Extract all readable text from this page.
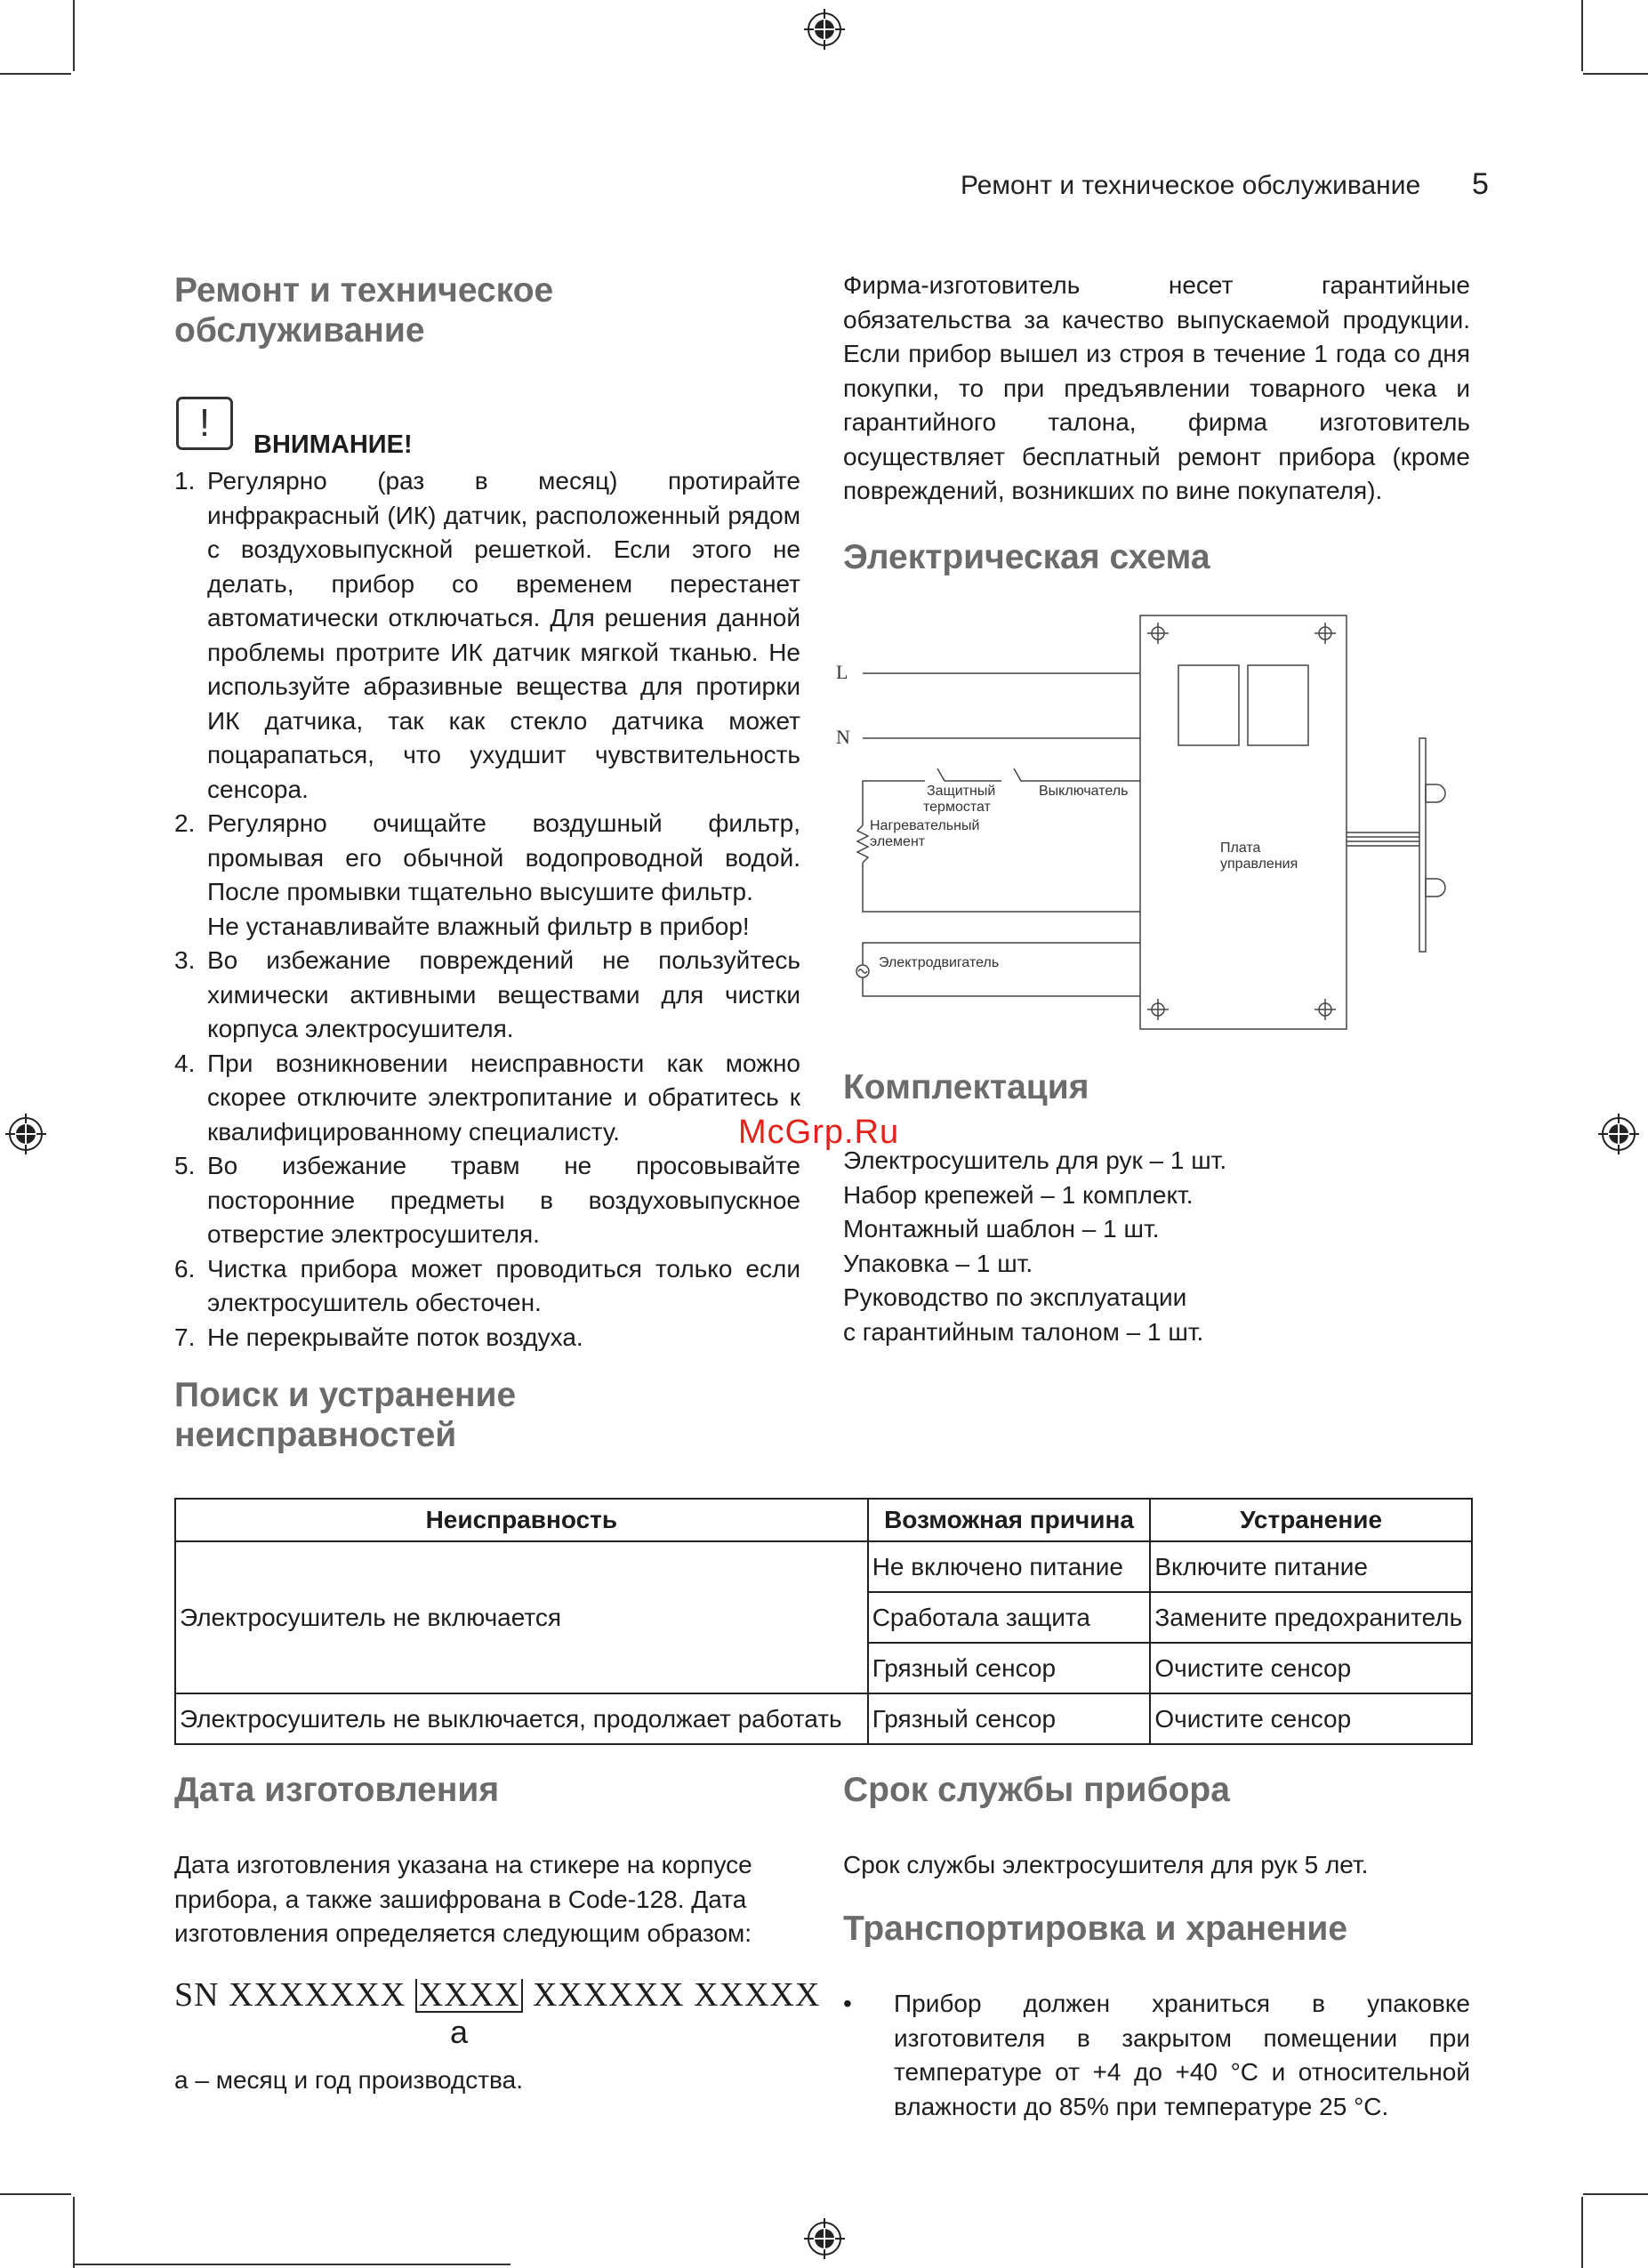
Ремонт и техническое обслуживание 5
Ремонт и техническое
обслуживание
!	ВНИМАНИЕ!
1. Регулярно (раз в месяц) протирайте инфракрасный (ИК) датчик, расположенный рядом с воздуховыпускной решеткой. Если этого не делать, прибор со временем перестанет автоматически отключаться. Для решения данной проблемы протрите ИК датчик мягкой тканью. Не используйте абразивные вещества для протирки ИК датчика, так как стекло датчика может поцарапаться, что ухудшит чувствительность сенсора.
2. Регулярно очищайте воздушный фильтр, промывая его обычной водопроводной водой. После промывки тщательно высушите фильтр.
Не устанавливайте влажный фильтр в прибор!
3. Во избежание повреждений не пользуйтесь химически активными веществами для чистки корпуса электросушителя.
4. При возникновении неисправности как можно скорее отключите электропитание и обратитесь к квалифицированному специалисту.
5. Во избежание травм не просовывайте посторонние предметы в воздуховыпускное отверстие электросушителя.
6. Чистка прибора может проводиться только если электросушитель обесточен.
7. Не перекрывайте поток воздуха.
Поиск и устранение
неисправностей
Фирма-изготовитель несет гарантийные обязательства за качество выпускаемой продукции. Если прибор вышел из строя в течение 1 года со дня покупки, то при предъявлении товарного чека и гарантийного талона, фирма изготовитель осуществляет бесплатный ремонт прибора (кроме повреждений, возникших по вине покупателя).
Электрическая схема
L
N
Защитный
термостат
Выключатель
Нагревательный
элемент	Плата
управления
Электродвигатель
Комплектация
Электросушитель для рук – 1 шт.
Набор крепежей – 1 комплект.
Монтажный шаблон – 1 шт.
Упаковка – 1 шт.
Руководство по эксплуатации
с гарантийным талоном – 1 шт.
McGrp.Ru
Неисправность	Возможная причина	Устранение
Электросушитель не включается	Не включено питание	Включите питание
	Сработала защита	Замените предохранитель
	Грязный сенсор	Очистите сенсор
Электросушитель не выключается, продолжает работать	Грязный сенсор	Очистите сенсор
Дата изготовления
Дата изготовления указана на стикере на корпусе прибора, а также зашифрована в Code-128. Дата изготовления определяется следующим образом:
SN XXXXXXX XXXX XXXXXX XXXXX
a
a – месяц и год производства.
Срок службы прибора
Срок службы электросушителя для рук 5 лет.
Транспортировка и хранение
• Прибор должен храниться в упаковке изготовителя в закрытом помещении при температуре от +4 до +40 °C и относительной влажности до 85% при температуре 25 °C.
